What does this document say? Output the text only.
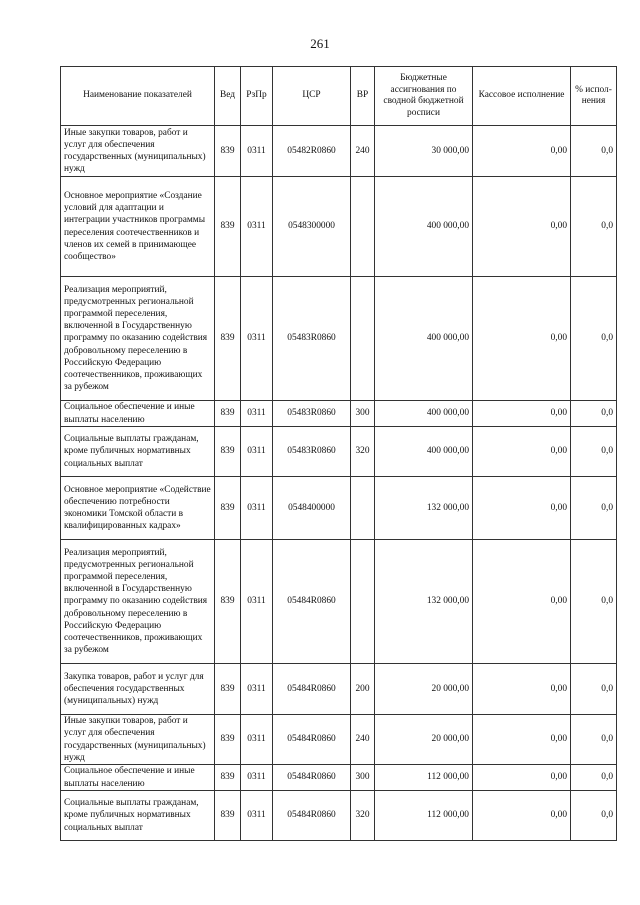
261
Наименование показателей	Вед	РзПр	ЦСР	ВР	Бюджетные ассигнования по сводной бюджетной росписи	Кассовое исполнение	% испол-нения
Иные закупки товаров, работ и услуг для обеспечения государственных (муниципальных) нужд	839	0311	05482R0860	240	30 000,00	0,00	0,0
Основное мероприятие «Создание условий для адаптации и интеграции участников программы переселения соотечественников и членов их семей в принимающее сообщество»	839	0311	0548300000		400 000,00	0,00	0,0
Реализация мероприятий, предусмотренных региональной программой переселения, включенной в Государственную программу по оказанию содействия добровольному переселению в Российскую Федерацию соотечественников, проживающих за рубежом	839	0311	05483R0860		400 000,00	0,00	0,0
Социальное обеспечение и иные выплаты населению	839	0311	05483R0860	300	400 000,00	0,00	0,0
Социальные выплаты гражданам, кроме публичных нормативных социальных выплат	839	0311	05483R0860	320	400 000,00	0,00	0,0
Основное мероприятие «Содействие обеспечению потребности экономики Томской области в квалифицированных кадрах»	839	0311	0548400000		132 000,00	0,00	0,0
Реализация мероприятий, предусмотренных региональной программой переселения, включенной в Государственную программу по оказанию содействия добровольному переселению в Российскую Федерацию соотечественников, проживающих за рубежом	839	0311	05484R0860		132 000,00	0,00	0,0
Закупка товаров, работ и услуг для обеспечения государственных (муниципальных) нужд	839	0311	05484R0860	200	20 000,00	0,00	0,0
Иные закупки товаров, работ и услуг для обеспечения государственных (муниципальных) нужд	839	0311	05484R0860	240	20 000,00	0,00	0,0
Социальное обеспечение и иные выплаты населению	839	0311	05484R0860	300	112 000,00	0,00	0,0
Социальные выплаты гражданам, кроме публичных нормативных социальных выплат	839	0311	05484R0860	320	112 000,00	0,00	0,0
